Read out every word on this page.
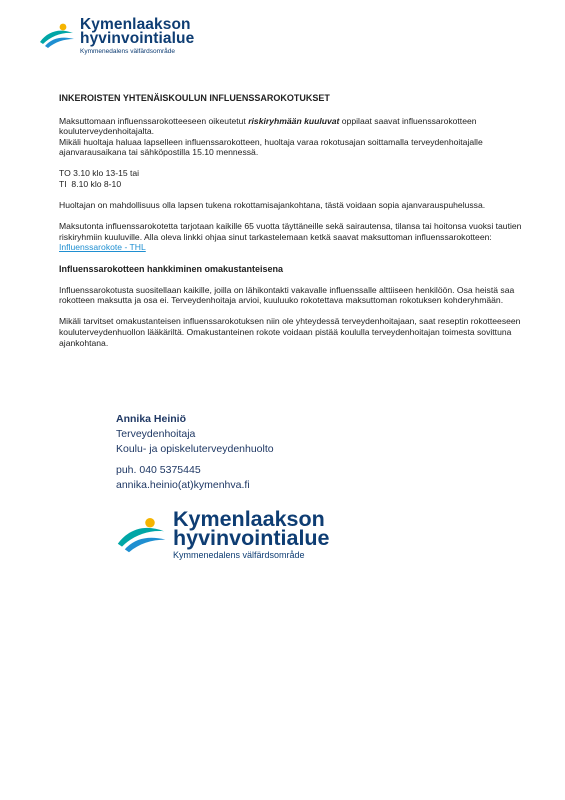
Kymenlaakson
hyvinvointialue
Kymmenedalens välfärdsområde

INKEROISTEN YHTENÄISKOULUN INFLUENSSAROKOTUKSET

Maksuttomaan influenssarokotteeseen oikeutetut riskiryhmään kuuluvat oppilaat saavat influenssarokotteen kouluterveydenhoitajalta.

Mikäli huoltaja haluaa lapselleen influenssarokotteen, huoltaja varaa rokotusajan soittamalla terveydenhoitajalle ajanvarausaikana tai sähköpostilla 15.10 mennessä.

TO 3.10 klo 13-15 tai

TI  8.10 klo 8-10

Huoltajan on mahdollisuus olla lapsen tukena rokottamisajankohtana, tästä voidaan sopia ajanvarauspuhelussa.

Maksutonta influenssarokotetta tarjotaan kaikille 65 vuotta täyttäneille sekä sairautensa, tilansa tai hoitonsa vuoksi tautien riskiryhmiin kuuluville. Alla oleva linkki ohjaa sinut tarkastelemaan ketkä saavat maksuttoman influenssarokotteen:

Influenssarokote - THL

Influenssarokotteen hankkiminen omakustanteisena

Influenssarokotusta suositellaan kaikille, joilla on lähikontakti vakavalle influenssalle alttiiseen henkilöön. Osa heistä saa rokotteen maksutta ja osa ei. Terveydenhoitaja arvioi, kuuluuko rokotettava maksuttoman rokotuksen kohderyhmään.

Mikäli tarvitset omakustanteisen influenssarokotuksen niin ole yhteydessä terveydenhoitajaan, saat reseptin rokotteeseen kouluterveydenhuollon lääkäriltä. Omakustanteinen rokote voidaan pistää koululla terveydenhoitajan toimesta sovittuna ajankohtana.

Annika Heiniö
Terveydenhoitaja
Koulu- ja opiskeluterveydenhuolto
puh. 040 5375445
annika.heinio(at)kymenhva.fi
Kymenlaakson
hyvinvointialue
Kymmenedalens välfärdsområde
